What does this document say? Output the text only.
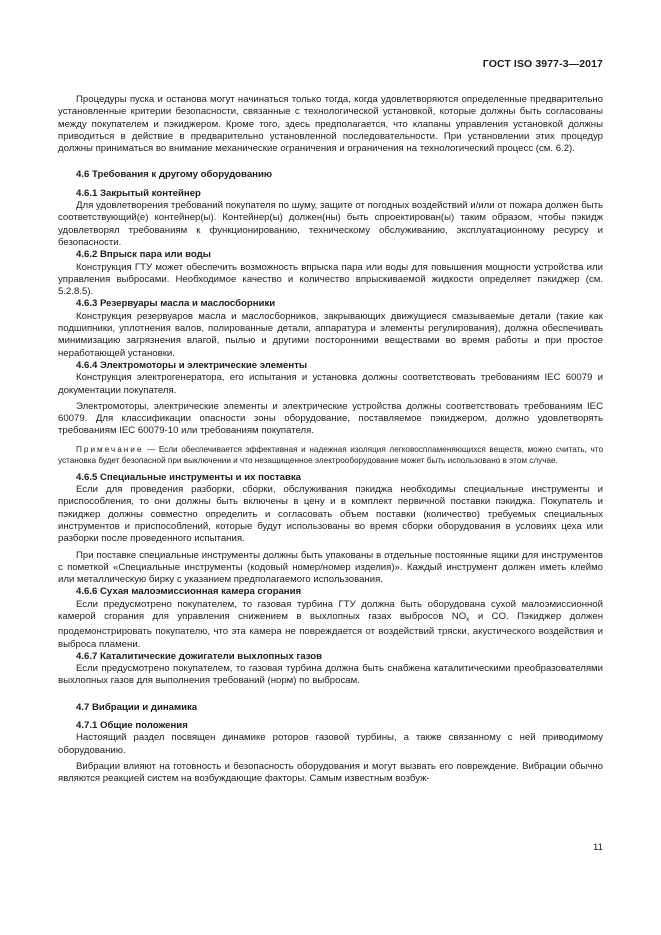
ГОСТ ISO 3977-3—2017

Процедуры пуска и останова могут начинаться только тогда, когда удовлетворяются определенные предварительно установленные критерии безопасности, связанные с технологической установкой, которые должны быть согласованы между покупателем и пэкиджером. Кроме того, здесь предполагается, что клапаны управления установкой должны приводиться в действие в предварительно установленной последовательности. При установлении этих процедур должны приниматься во внимание механические ограничения и ограничения на технологический процесс (см. 6.2).

4.6 Требования к другому оборудованию
4.6.1 Закрытый контейнер

Для удовлетворения требований покупателя по шуму, защите от погодных воздействий и/или от пожара должен быть соответствующий(е) контейнер(ы). Контейнер(ы) должен(ны) быть спроектирован(ы) таким образом, чтобы пэкидж удовлетворял требованиям к функционированию, техническому обслуживанию, эксплуатационному ресурсу и безопасности.

4.6.2 Впрыск пара или воды

Конструкция ГТУ может обеспечить возможность впрыска пара или воды для повышения мощности устройства или управления выбросами. Необходимое качество и количество впрыскиваемой жидкости определяет пэкиджер (см. 5.2.8.5).

4.6.3 Резервуары масла и маслосборники

Конструкция резервуаров масла и маслосборников, закрывающих движущиеся смазываемые детали (такие как подшипники, уплотнения валов, полированные детали, аппаратура и элементы регулирования), должна обеспечивать минимизацию загрязнения влагой, пылью и другими посторонними веществами во время работы и при простое неработающей установки.

4.6.4 Электромоторы и электрические элементы

Конструкция электрогенератора, его испытания и установка должны соответствовать требованиям IEC 60079 и документации покупателя.

Электромоторы, электрические элементы и электрические устройства должны соответствовать требованиям IEC 60079. Для классификации опасности зоны оборудование, поставляемое пэкиджером, должно удовлетворять требованиям IEC 60079-10 или требованиям покупателя.

Примечание — Если обеспечивается эффективная и надежная изоляция легковоспламеняющихся веществ, можно считать, что установка будет безопасной при выключении и что незащищенное электрооборудование может быть использовано в этом случае.

4.6.5 Специальные инструменты и их поставка

Если для проведения разборки, сборки, обслуживания пэкиджа необходимы специальные инструменты и приспособления, то они должны быть включены в цену и в комплект первичной поставки пэкиджа. Покупатель и пэкиджер должны совместно определить и согласовать объем поставки (количество) требуемых специальных инструментов и приспособлений, которые будут использованы во время сборки оборудования в условиях цеха или разборки после проведенного испытания.

При поставке специальные инструменты должны быть упакованы в отдельные постоянные ящики для инструментов с пометкой «Специальные инструменты (кодовый номер/номер изделия)». Каждый инструмент должен иметь клеймо или металлическую бирку с указанием предполагаемого использования.

4.6.6 Сухая малоэмиссионная камера сгорания

Если предусмотрено покупателем, то газовая турбина ГТУ должна быть оборудована сухой малоэмиссионной камерой сгорания для управления снижением в выхлопных газах выбросов $NO_x$ и CO. Пэкиджер должен продемонстрировать покупателю, что эта камера не повреждается от воздействий тряски, акустического воздействия и выброса пламени.

4.6.7 Каталитические дожигатели выхлопных газов

Если предусмотрено покупателем, то газовая турбина должна быть снабжена каталитическими преобразователями выхлопных газов для выполнения требований (норм) по выбросам.

4.7 Вибрации и динамика
4.7.1 Общие положения

Настоящий раздел посвящен динамике роторов газовой турбины, а также связанному с ней приводимому оборудованию.

Вибрации влияют на готовность и безопасность оборудования и могут вызвать его повреждение. Вибрации обычно являются реакцией систем на возбуждающие факторы. Самым известным возбуж-

11
